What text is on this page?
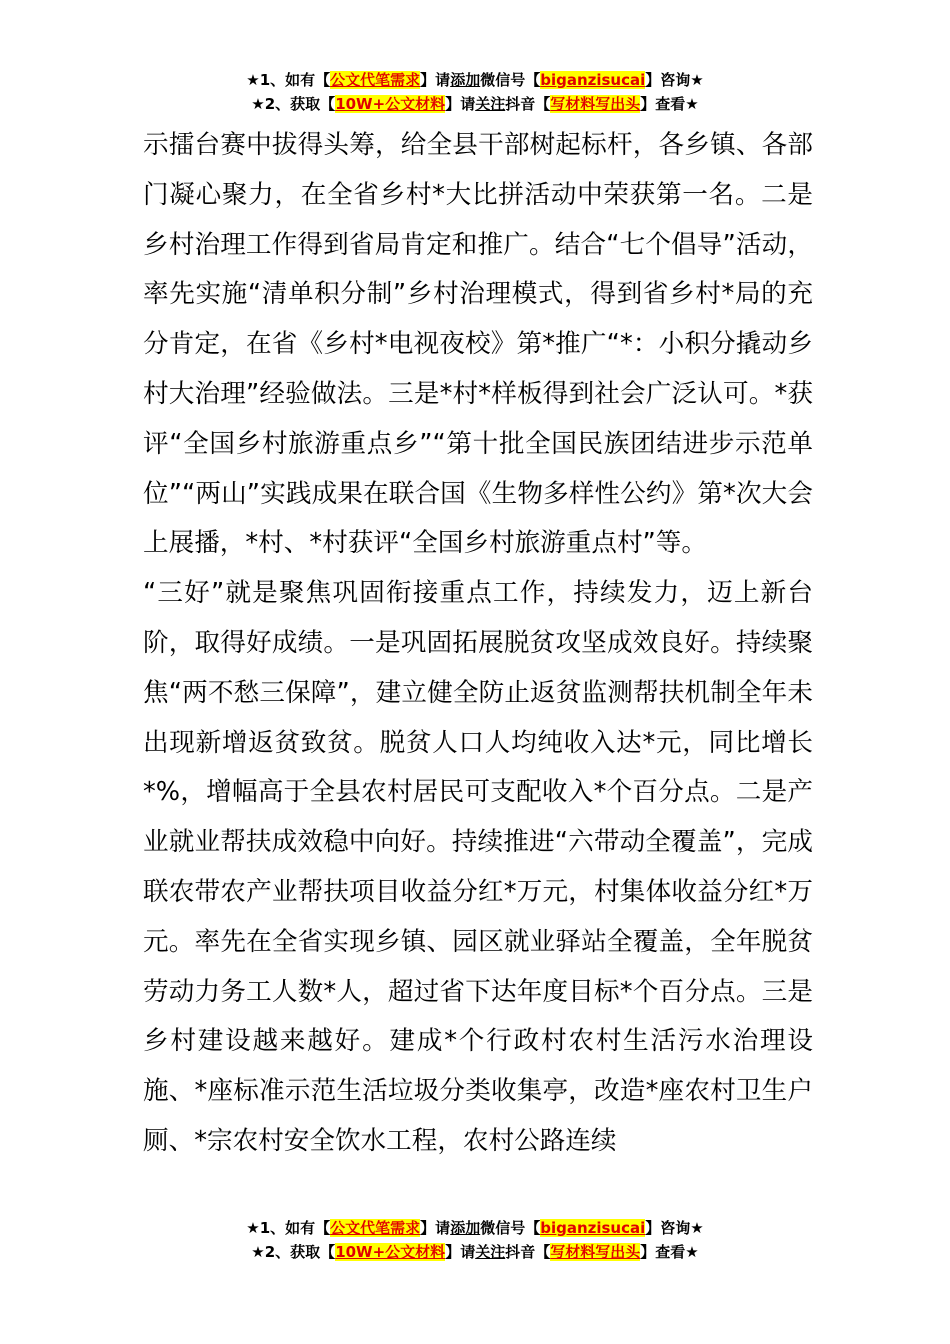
★1、如有【公文代笔需求】请添加微信号【biganzisucai】咨询★
★2、获取【10W+公文材料】请关注抖音【写材料写出头】查看★

示擂台赛中拔得头筹，给全县干部树起标杆，各乡镇、各部门凝心聚力，在全省乡村*大比拼活动中荣获第一名。二是乡村治理工作得到省局肯定和推广。结合“七个倡导”活动，率先实施“清单积分制”乡村治理模式，得到省乡村*局的充分肯定，在省《乡村*电视夜校》第*推广“*：小积分撬动乡村大治理”经验做法。三是*村*样板得到社会广泛认可。*获评“全国乡村旅游重点乡”“第十批全国民族团结进步示范单位”“两山”实践成果在联合国《生物多样性公约》第*次大会上展播，*村、*村获评“全国乡村旅游重点村”等。

“三好”就是聚焦巩固衔接重点工作，持续发力，迈上新台阶，取得好成绩。一是巩固拓展脱贫攻坚成效良好。持续聚焦“两不愁三保障”，建立健全防止返贫监测帮扶机制全年未出现新增返贫致贫。脱贫人口人均纯收入达*元，同比增长*%，增幅高于全县农村居民可支配收入*个百分点。二是产业就业帮扶成效稳中向好。持续推进“六带动全覆盖”，完成联农带农产业帮扶项目收益分红*万元，村集体收益分红*万元。率先在全省实现乡镇、园区就业驿站全覆盖，全年脱贫劳动力务工人数*人，超过省下达年度目标*个百分点。三是乡村建设越来越好。建成*个行政村农村生活污水治理设施、*座标准示范生活垃圾分类收集亭，改造*座农村卫生户厕、*宗农村安全饮水工程，农村公路连续

★1、如有【公文代笔需求】请添加微信号【biganzisucai】咨询★
★2、获取【10W+公文材料】请关注抖音【写材料写出头】查看★
